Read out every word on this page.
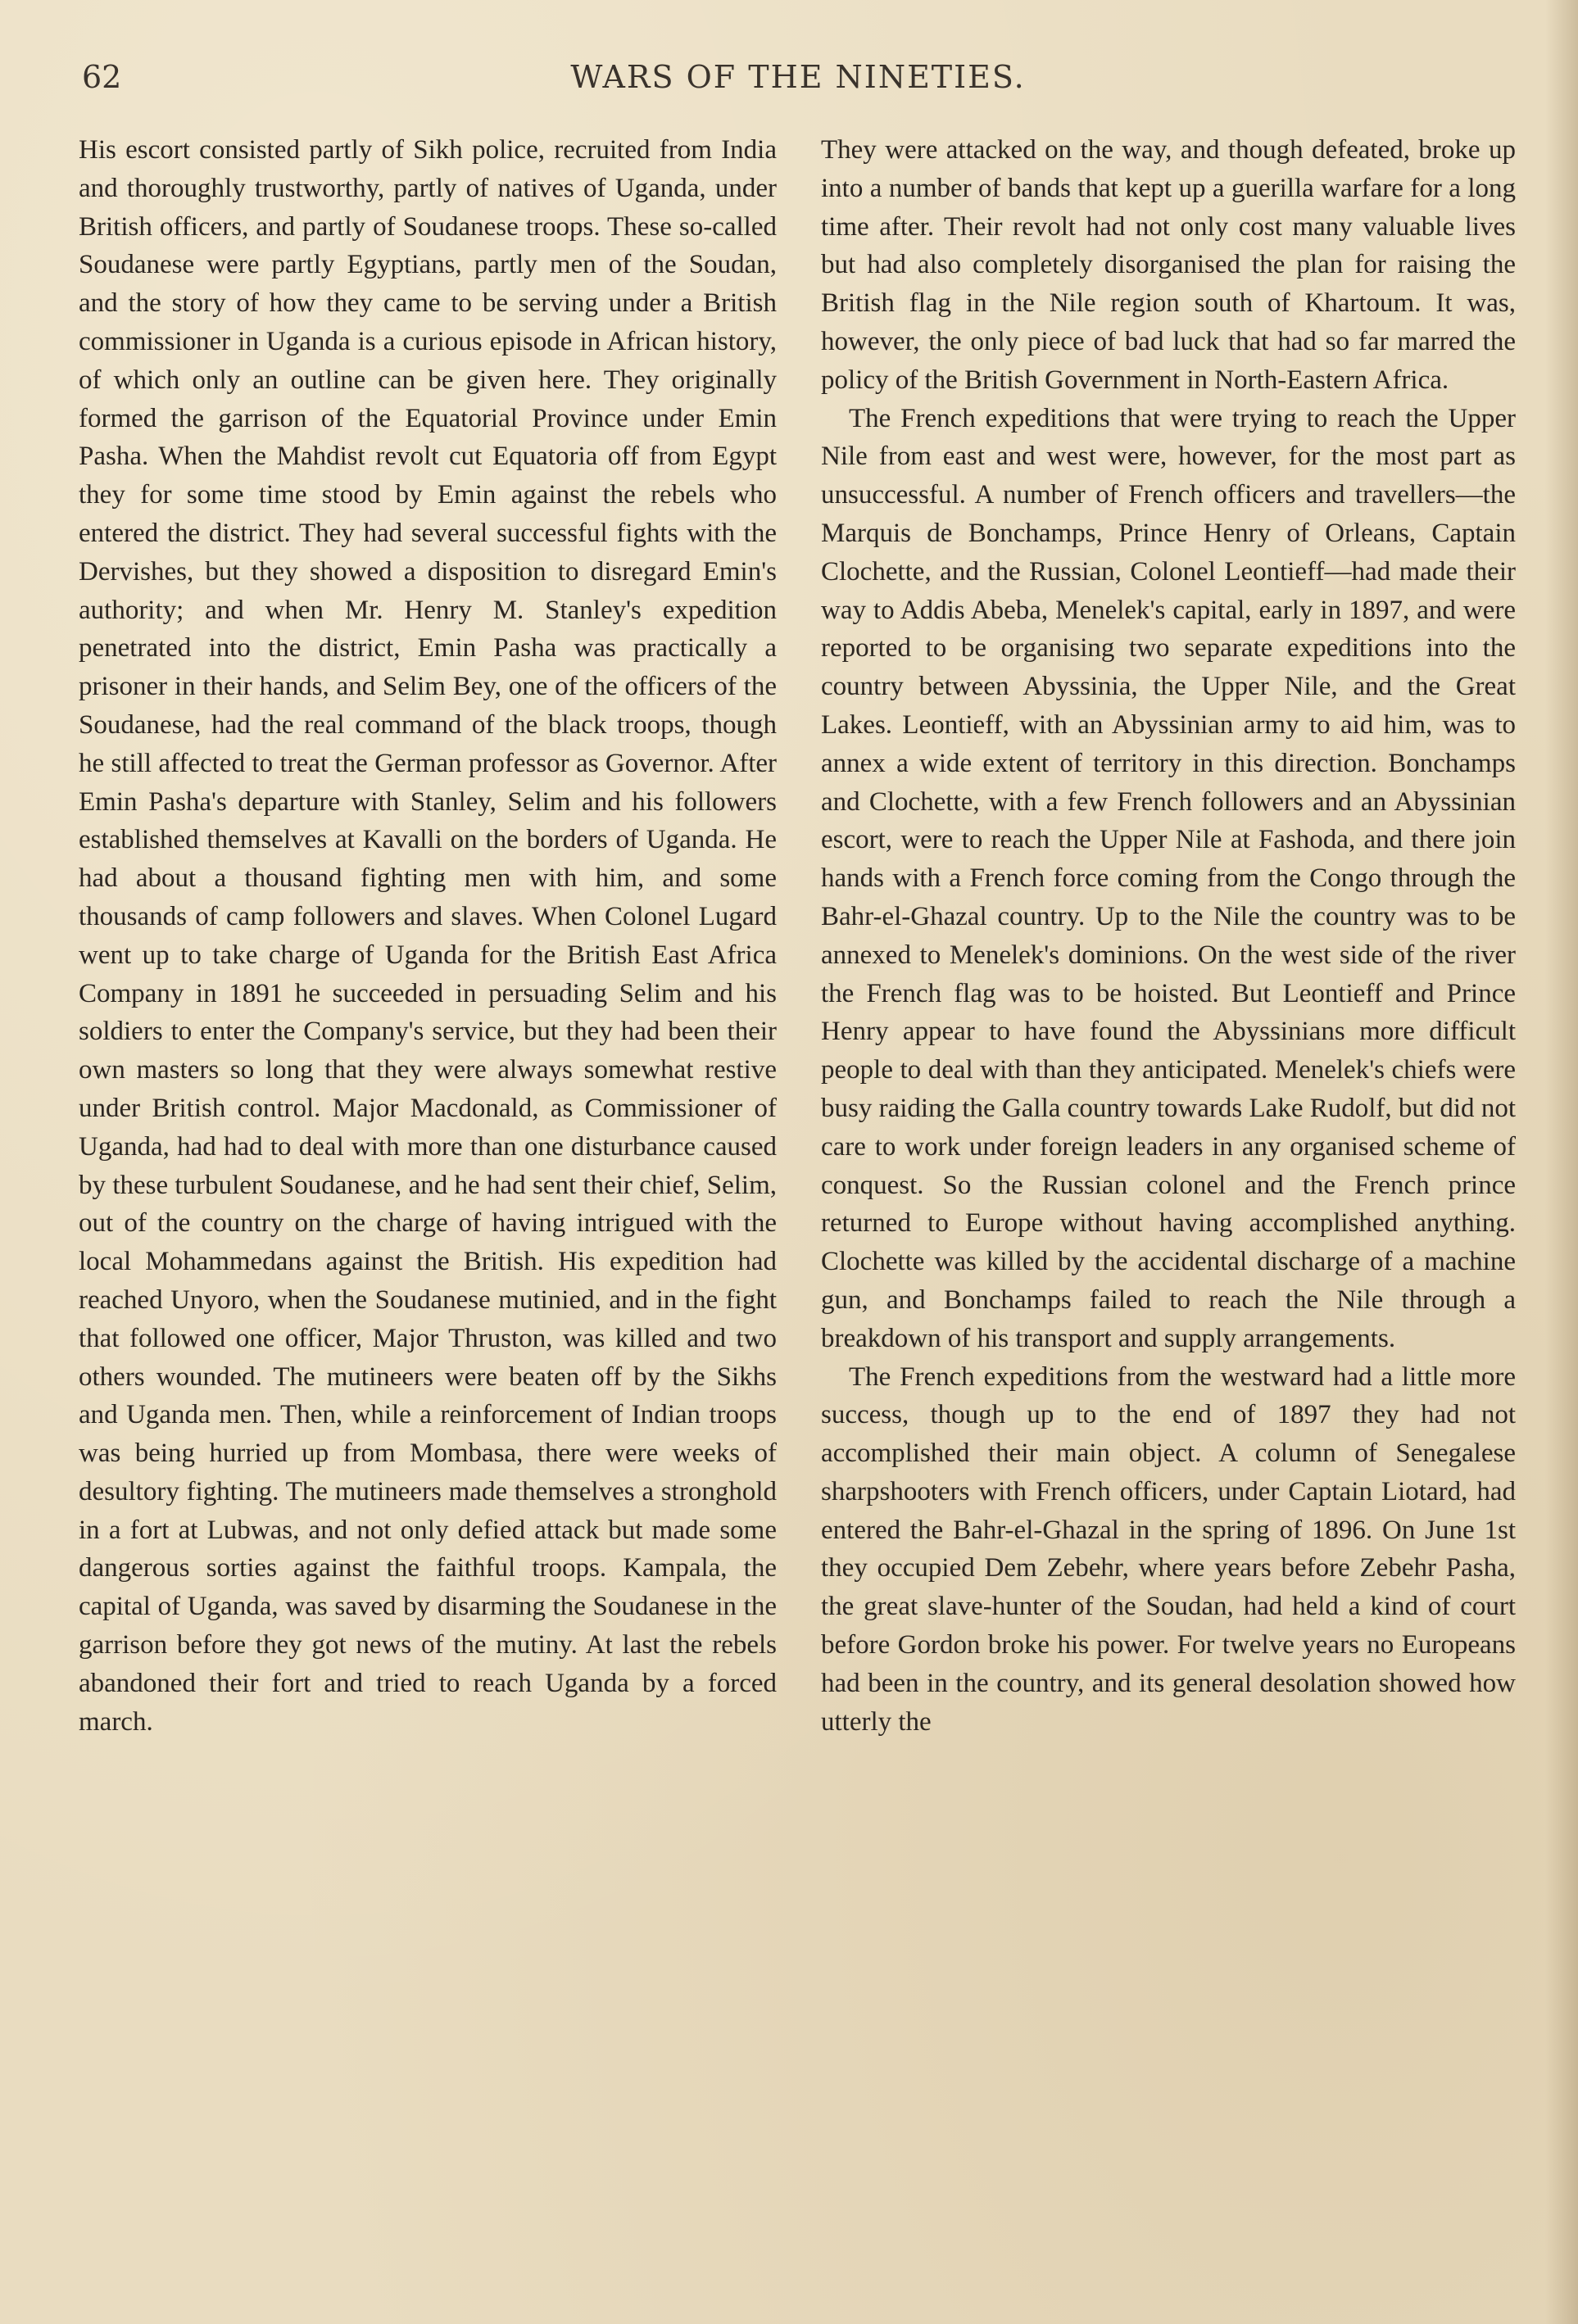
62	WARS OF THE NINETIES.

His escort consisted partly of Sikh police, recruited from India and thoroughly trustworthy, partly of natives of Uganda, under British officers, and partly of Soudanese troops. These so-called Soudanese were partly Egyptians, partly men of the Soudan, and the story of how they came to be serving under a British commissioner in Uganda is a curious episode in African history, of which only an outline can be given here. They originally formed the garrison of the Equatorial Province under Emin Pasha. When the Mahdist revolt cut Equatoria off from Egypt they for some time stood by Emin against the rebels who entered the district. They had several successful fights with the Dervishes, but they showed a disposition to disregard Emin's authority; and when Mr. Henry M. Stanley's expedition penetrated into the district, Emin Pasha was practically a prisoner in their hands, and Selim Bey, one of the officers of the Soudanese, had the real command of the black troops, though he still affected to treat the German professor as Governor. After Emin Pasha's departure with Stanley, Selim and his followers established themselves at Kavalli on the borders of Uganda. He had about a thousand fighting men with him, and some thousands of camp followers and slaves. When Colonel Lugard went up to take charge of Uganda for the British East Africa Company in 1891 he succeeded in persuading Selim and his soldiers to enter the Company's service, but they had been their own masters so long that they were always somewhat restive under British control. Major Macdonald, as Commissioner of Uganda, had had to deal with more than one disturbance caused by these turbulent Soudanese, and he had sent their chief, Selim, out of the country on the charge of having intrigued with the local Mohammedans against the British. His expedition had reached Unyoro, when the Soudanese mutinied, and in the fight that followed one officer, Major Thruston, was killed and two others wounded. The mutineers were beaten off by the Sikhs and Uganda men. Then, while a reinforcement of Indian troops was being hurried up from Mombasa, there were weeks of desultory fighting. The mutineers made themselves a stronghold in a fort at Lubwas, and not only defied attack but made some dangerous sorties against the faithful troops. Kampala, the capital of Uganda, was saved by disarming the Soudanese in the garrison before they got news of the mutiny. At last the rebels abandoned their fort and tried to reach Uganda by a forced march.

They were attacked on the way, and though defeated, broke up into a number of bands that kept up a guerilla warfare for a long time after. Their revolt had not only cost many valuable lives but had also completely disorganised the plan for raising the British flag in the Nile region south of Khartoum. It was, however, the only piece of bad luck that had so far marred the policy of the British Government in North-Eastern Africa.

The French expeditions that were trying to reach the Upper Nile from east and west were, however, for the most part as unsuccessful. A number of French officers and travellers—the Marquis de Bonchamps, Prince Henry of Orleans, Captain Clochette, and the Russian, Colonel Leontieff—had made their way to Addis Abeba, Menelek's capital, early in 1897, and were reported to be organising two separate expeditions into the country between Abyssinia, the Upper Nile, and the Great Lakes. Leontieff, with an Abyssinian army to aid him, was to annex a wide extent of territory in this direction. Bonchamps and Clochette, with a few French followers and an Abyssinian escort, were to reach the Upper Nile at Fashoda, and there join hands with a French force coming from the Congo through the Bahr-el-Ghazal country. Up to the Nile the country was to be annexed to Menelek's dominions. On the west side of the river the French flag was to be hoisted. But Leontieff and Prince Henry appear to have found the Abyssinians more difficult people to deal with than they anticipated. Menelek's chiefs were busy raiding the Galla country towards Lake Rudolf, but did not care to work under foreign leaders in any organised scheme of conquest. So the Russian colonel and the French prince returned to Europe without having accomplished anything. Clochette was killed by the accidental discharge of a machine gun, and Bonchamps failed to reach the Nile through a breakdown of his transport and supply arrangements.

The French expeditions from the westward had a little more success, though up to the end of 1897 they had not accomplished their main object. A column of Senegalese sharpshooters with French officers, under Captain Liotard, had entered the Bahr-el-Ghazal in the spring of 1896. On June 1st they occupied Dem Zebehr, where years before Zebehr Pasha, the great slave-hunter of the Soudan, had held a kind of court before Gordon broke his power. For twelve years no Europeans had been in the country, and its general desolation showed how utterly the
